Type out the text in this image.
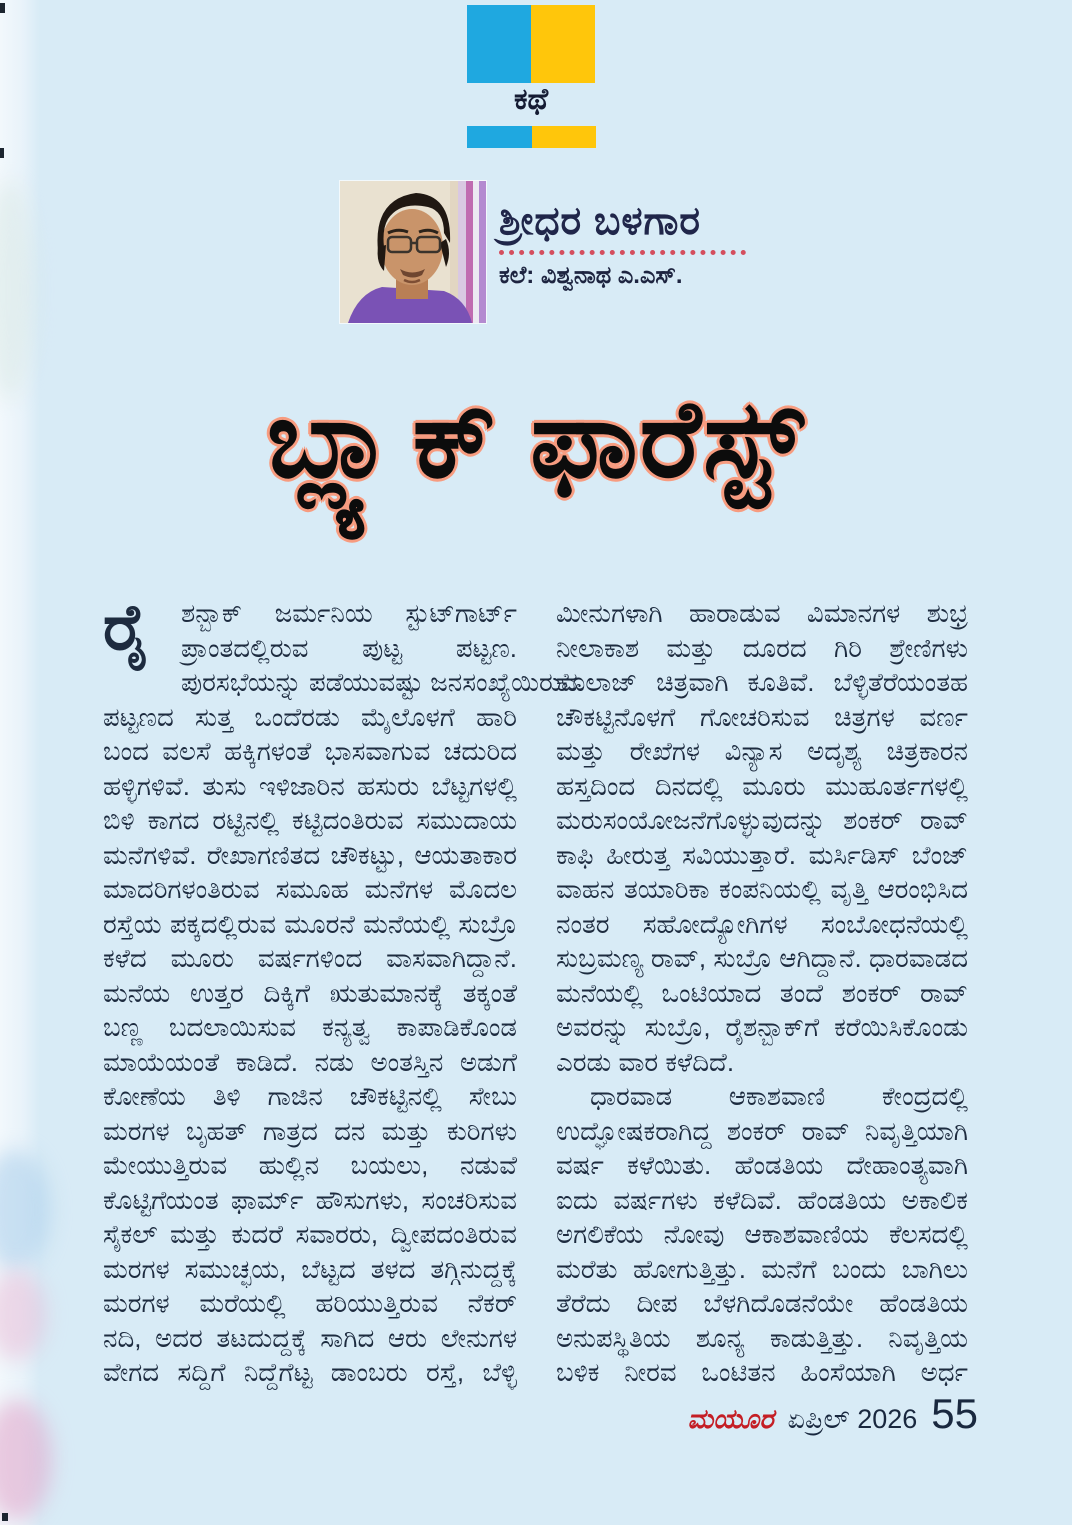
ಕಥೆ
ಶ್ರೀಧರ ಬಳಗಾರ
ಕಲೆ: ವಿಶ್ವನಾಥ ಎ.ಎಸ್.
ಬ್ಲ್ಯಾಕ್ ಫಾರೆಸ್ಟ್
ರೈ	ಶನ್ಬಾಕ್ ಜರ್ಮನಿಯ ಸ್ಟುಟ್‌ಗಾರ್ಟ್
ಪ್ರಾಂತದಲ್ಲಿರುವ ಪುಟ್ಟ ಪಟ್ಟಣ.
ಪುರಸಭೆಯನ್ನು ಪಡೆಯುವಷ್ಟು ಜನಸಂಖ್ಯೆಯಿರುವ
ಪಟ್ಟಣದ ಸುತ್ತ ಒಂದೆರಡು ಮೈಲೊಳಗೆ ಹಾರಿ
ಬಂದ ವಲಸೆ ಹಕ್ಕಿಗಳಂತೆ ಭಾಸವಾಗುವ ಚದುರಿದ
ಹಳ್ಳಿಗಳಿವೆ. ತುಸು ಇಳಿಜಾರಿನ ಹಸುರು ಬೆಟ್ಟಗಳಲ್ಲಿ
ಬಿಳಿ ಕಾಗದ ರಟ್ಟಿನಲ್ಲಿ ಕಟ್ಟಿದಂತಿರುವ ಸಮುದಾಯ
ಮನೆಗಳಿವೆ. ರೇಖಾಗಣಿತದ ಚೌಕಟ್ಟು, ಆಯತಾಕಾರ
ಮಾದರಿಗಳಂತಿರುವ ಸಮೂಹ ಮನೆಗಳ ಮೊದಲ
ರಸ್ತೆಯ ಪಕ್ಕದಲ್ಲಿರುವ ಮೂರನೆ ಮನೆಯಲ್ಲಿ ಸುಬ್ರೊ
ಕಳೆದ ಮೂರು ವರ್ಷಗಳಿಂದ ವಾಸವಾಗಿದ್ದಾನೆ.
ಮನೆಯ ಉತ್ತರ ದಿಕ್ಕಿಗೆ ಋತುಮಾನಕ್ಕೆ ತಕ್ಕಂತೆ
ಬಣ್ಣ ಬದಲಾಯಿಸುವ ಕನ್ಯತ್ವ ಕಾಪಾಡಿಕೊಂಡ
ಮಾಯೆಯಂತೆ ಕಾಡಿದೆ. ನಡು ಅಂತಸ್ತಿನ ಅಡುಗೆ
ಕೋಣೆಯ ತಿಳಿ ಗಾಜಿನ ಚೌಕಟ್ಟಿನಲ್ಲಿ ಸೇಬು
ಮರಗಳ ಬೃಹತ್ ಗಾತ್ರದ ದನ ಮತ್ತು ಕುರಿಗಳು
ಮೇಯುತ್ತಿರುವ ಹುಲ್ಲಿನ ಬಯಲು, ನಡುವೆ
ಕೊಟ್ಟಿಗೆಯಂತ ಫಾರ್ಮ್ ಹೌಸುಗಳು, ಸಂಚರಿಸುವ
ಸೈಕಲ್ ಮತ್ತು ಕುದರೆ ಸವಾರರು, ದ್ವೀಪದಂತಿರುವ
ಮರಗಳ ಸಮುಚ್ಛಯ, ಬೆಟ್ಟದ ತಳದ ತಗ್ಗಿನುದ್ದಕ್ಕೆ
ಮರಗಳ ಮರೆಯಲ್ಲಿ ಹರಿಯುತ್ತಿರುವ ನೆಕರ್
ನದಿ, ಅದರ ತಟದುದ್ದಕ್ಕೆ ಸಾಗಿದ ಆರು ಲೇನುಗಳ
ವೇಗದ ಸದ್ದಿಗೆ ನಿದ್ದೆಗೆಟ್ಟ ಡಾಂಬರು ರಸ್ತೆ, ಬೆಳ್ಳಿ
ಮೀನುಗಳಾಗಿ ಹಾರಾಡುವ ವಿಮಾನಗಳ ಶುಭ್ರ
ನೀಲಾಕಾಶ ಮತ್ತು ದೂರದ ಗಿರಿ ಶ್ರೇಣಿಗಳು
ಕೊಲಾಜ್ ಚಿತ್ರವಾಗಿ ಕೂತಿವೆ. ಬೆಳ್ಳಿತೆರೆಯಂತಹ
ಚೌಕಟ್ಟಿನೊಳಗೆ ಗೋಚರಿಸುವ ಚಿತ್ರಗಳ ವರ್ಣ
ಮತ್ತು ರೇಖೆಗಳ ವಿನ್ಯಾಸ ಅದೃಶ್ಯ ಚಿತ್ರಕಾರನ
ಹಸ್ತದಿಂದ ದಿನದಲ್ಲಿ ಮೂರು ಮುಹೂರ್ತಗಳಲ್ಲಿ
ಮರುಸಂಯೋಜನೆಗೊಳ್ಳುವುದನ್ನು ಶಂಕರ್ ರಾವ್
ಕಾಫಿ ಹೀರುತ್ತ ಸವಿಯುತ್ತಾರೆ. ಮರ್ಸಿಡಿಸ್ ಬೆಂಜ್
ವಾಹನ ತಯಾರಿಕಾ ಕಂಪನಿಯಲ್ಲಿ ವೃತ್ತಿ ಆರಂಭಿಸಿದ
ನಂತರ ಸಹೋದ್ಯೋಗಿಗಳ ಸಂಬೋಧನೆಯಲ್ಲಿ
ಸುಬ್ರಮಣ್ಯ ರಾವ್, ಸುಬ್ರೊ ಆಗಿದ್ದಾನೆ. ಧಾರವಾಡದ
ಮನೆಯಲ್ಲಿ ಒಂಟಿಯಾದ ತಂದೆ ಶಂಕರ್ ರಾವ್
ಅವರನ್ನು ಸುಬ್ರೊ, ರೈಶನ್ಬಾಕ್‌ಗೆ ಕರೆಯಿಸಿಕೊಂಡು
ಎರಡು ವಾರ ಕಳೆದಿದೆ.
ಧಾರವಾಡ ಆಕಾಶವಾಣಿ ಕೇಂದ್ರದಲ್ಲಿ
ಉದ್ಘೋಷಕರಾಗಿದ್ದ ಶಂಕರ್ ರಾವ್ ನಿವೃತ್ತಿಯಾಗಿ
ವರ್ಷ ಕಳೆಯಿತು. ಹೆಂಡತಿಯ ದೇಹಾಂತ್ಯವಾಗಿ
ಐದು ವರ್ಷಗಳು ಕಳೆದಿವೆ. ಹೆಂಡತಿಯ ಅಕಾಲಿಕ
ಅಗಲಿಕೆಯ ನೋವು ಆಕಾಶವಾಣಿಯ ಕೆಲಸದಲ್ಲಿ
ಮರೆತು ಹೋಗುತ್ತಿತ್ತು. ಮನೆಗೆ ಬಂದು ಬಾಗಿಲು
ತೆರೆದು ದೀಪ ಬೆಳಗಿದೊಡನೆಯೇ ಹೆಂಡತಿಯ
ಅನುಪಸ್ಥಿತಿಯ ಶೂನ್ಯ ಕಾಡುತ್ತಿತ್ತು. ನಿವೃತ್ತಿಯ
ಬಳಿಕ ನೀರವ ಒಂಟಿತನ ಹಿಂಸೆಯಾಗಿ ಅರ್ಧ
ಮಯೂರ ಏಪ್ರಿಲ್ 2026 55
